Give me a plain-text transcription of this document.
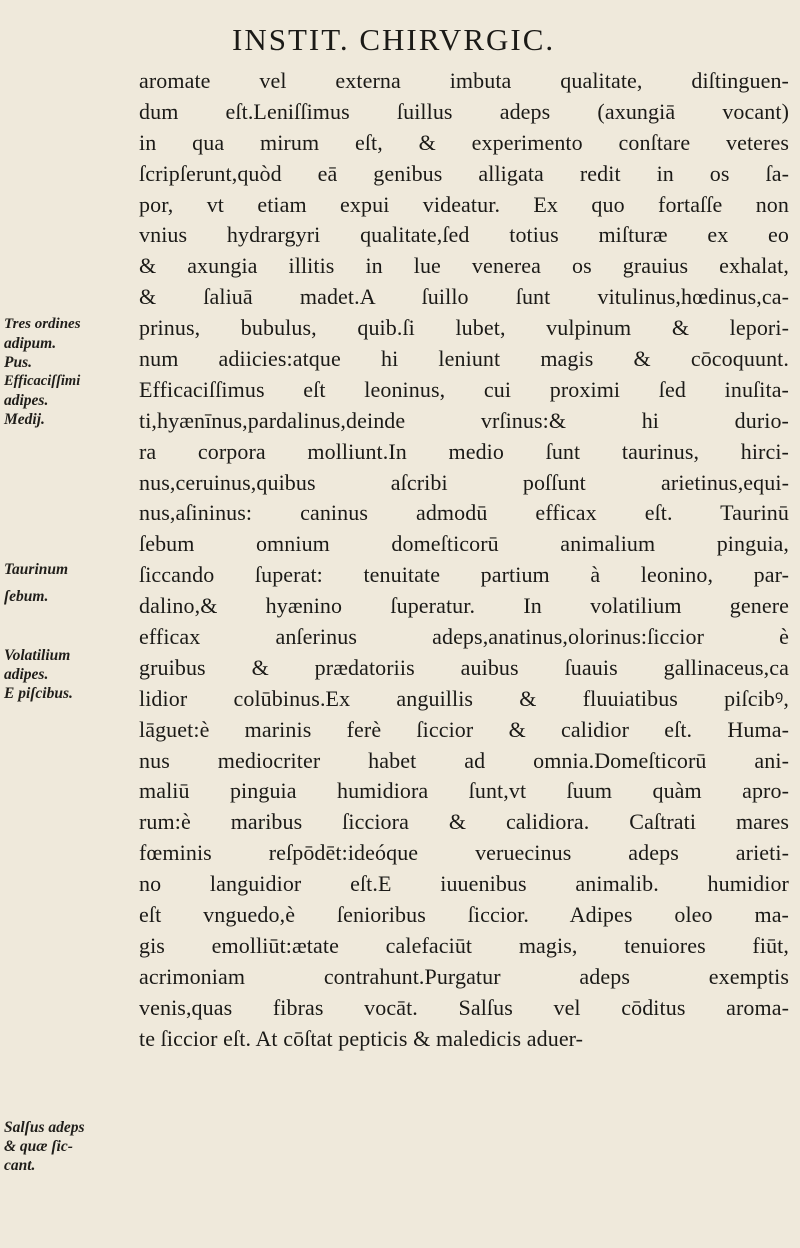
INSTIT. CHIRVRGIC.
aromate vel externa imbuta qualitate, diſtinguen-
dum eſt.Leniſſimus ſuillus adeps (axungiā vocant)
in qua mirum eſt, & experimento conſtare veteres
ſcripſerunt,quòd eā genibus alligata redit in os ſa-
por, vt etiam expui videatur. Ex quo fortaſſe non
vnius hydrargyri qualitate,ſed totius miſturæ ex eo
& axungia illitis in lue venerea os grauius exhalat,
& ſaliuā madet.A ſuillo ſunt vitulinus,hœdinus,ca-
prinus, bubulus, quib.ſi lubet, vulpinum & lepori-
num adiicies:atque hi leniunt magis & cōcoquunt.
Efficaciſſimus eſt leoninus, cui proximi ſed inuſita-
ti,hyænīnus,pardalinus,deinde vrſinus:& hi durio-
ra corpora molliunt.In medio ſunt taurinus, hirci-
nus,ceruinus,quibus aſcribi poſſunt arietinus,equi-
nus,aſininus: caninus admodū efficax eſt. Taurinū
ſebum omnium domeſticorū animalium pinguia,
ſiccando ſuperat: tenuitate partium à leonino, par-
dalino,& hyænino ſuperatur. In volatilium genere
efficax anſerinus adeps,anatinus,olorinus:ſiccior è
gruibus & prædatoriis auibus ſuauis gallinaceus,ca
lidior colūbinus.Ex anguillis & fluuiatibus piſcibꝰ,
lāguet:è marinis ferè ſiccior & calidior eſt. Huma-
nus mediocriter habet ad omnia.Domeſticorū ani-
maliū pinguia humidiora ſunt,vt ſuum quàm apro-
rum:è maribus ſicciora & calidiora. Caſtrati mares
fœminis reſpōdēt:ideóque veruecinus adeps arieti-
no languidior eſt.E iuuenibus animalib. humidior
eſt vnguedo,è ſenioribus ſiccior. Adipes oleo ma-
gis emolliūt:ætate calefaciūt magis, tenuiores fiūt,
acrimoniam contrahunt.Purgatur adeps exemptis
venis,quas fibras vocāt. Salſus vel cōditus aroma-
te ſiccior eſt. At cōſtat pepticis & maledicis aduer-
Tres ordines
adipum.
Pus.
Efficaciſſimi
adipes.
Medij.
Taurinum
ſebum.
Volatilium
adipes.
E piſcibus.
Salſus adeps
& quæ ſic-
cant.
